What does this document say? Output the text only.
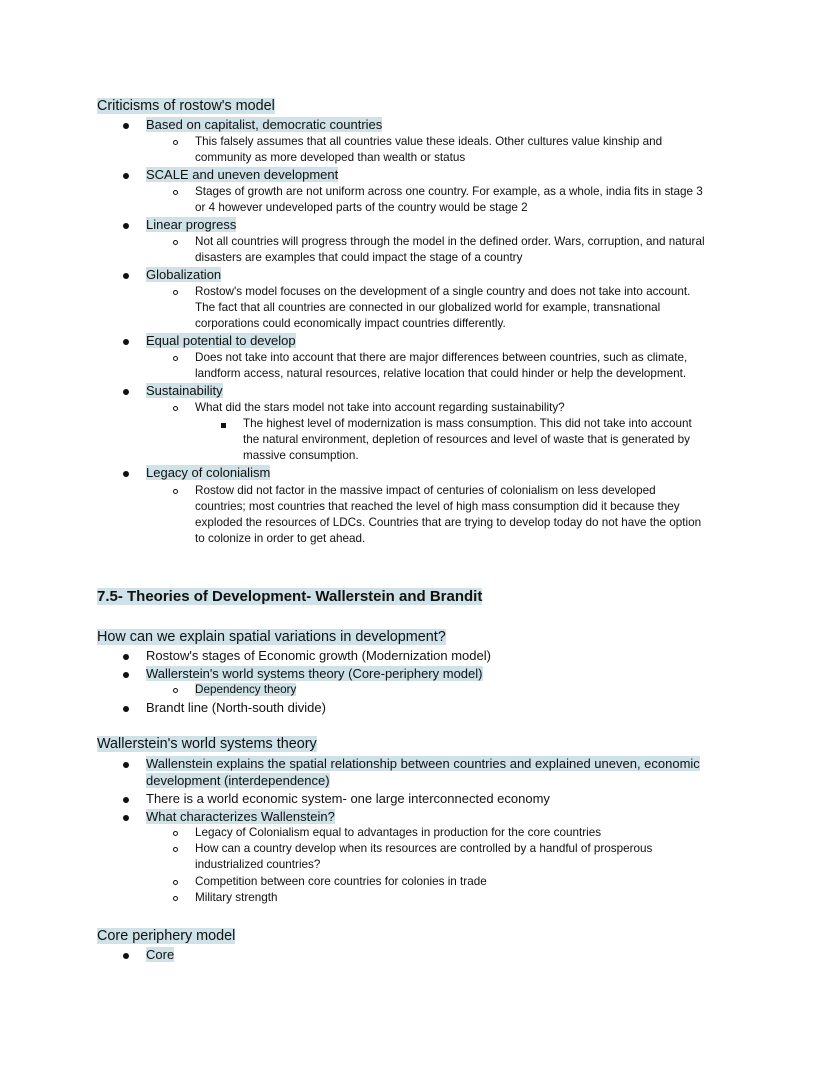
Criticisms of rostow's model
Based on capitalist, democratic countries
This falsely assumes that all countries value these ideals. Other cultures value kinship and
community as more developed than wealth or status
SCALE and uneven development
Stages of growth are not uniform across one country. For example, as a whole, india fits in stage 3
or 4 however undeveloped parts of the country would be stage 2
Linear progress
Not all countries will progress through the model in the defined order. Wars, corruption, and natural
disasters are examples that could impact the stage of a country
Globalization
Rostow's model focuses on the development of a single country and does not take into account.
The fact that all countries are connected in our globalized world for example, transnational
corporations could economically impact countries differently.
Equal potential to develop
Does not take into account that there are major differences between countries, such as climate,
landform access, natural resources, relative location that could hinder or help the development.
Sustainability
What did the stars model not take into account regarding sustainability?
The highest level of modernization is mass consumption. This did not take into account
the natural environment, depletion of resources and level of waste that is generated by
massive consumption.
Legacy of colonialism
Rostow did not factor in the massive impact of centuries of colonialism on less developed
countries; most countries that reached the level of high mass consumption did it because they
exploded the resources of LDCs. Countries that are trying to develop today do not have the option
to colonize in order to get ahead.
7.5- Theories of Development- Wallerstein and Brandit
How can we explain spatial variations in development?
Rostow's stages of Economic growth (Modernization model)
Wallerstein's world systems theory (Core-periphery model)
Dependency theory
Brandt line (North-south divide)
Wallerstein's world systems theory
Wallenstein explains the spatial relationship between countries and explained uneven, economic
development (interdependence)
There is a world economic system- one large interconnected economy
What characterizes Wallenstein?
Legacy of Colonialism equal to advantages in production for the core countries
How can a country develop when its resources are controlled by a handful of prosperous
industrialized countries?
Competition between core countries for colonies in trade
Military strength
Core periphery model
Core
